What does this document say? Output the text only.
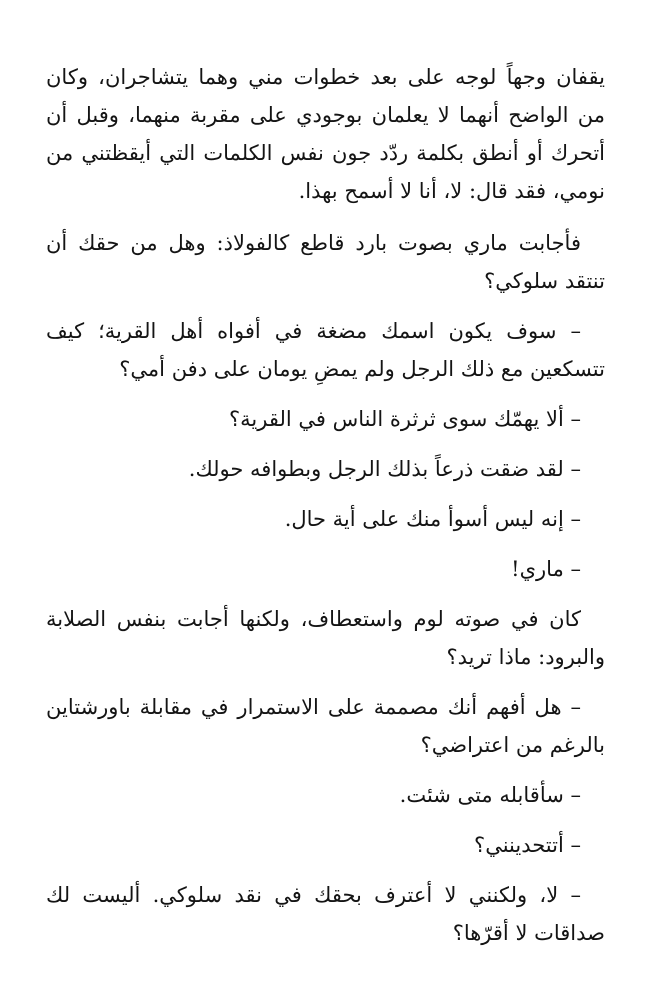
يقفان وجهاً لوجه على بعد خطوات مني وهما يتشاجران، وكان من الواضح أنهما لا يعلمان بوجودي على مقربة منهما، وقبل أن أتحرك أو أنطق بكلمة ردّد جون نفس الكلمات التي أيقظتني من نومي، فقد قال: لا، أنا لا أسمح بهذا.

فأجابت ماري بصوت بارد قاطع كالفولاذ: وهل من حقك أن تنتقد سلوكي؟

– سوف يكون اسمك مضغة في أفواه أهل القرية؛ كيف تتسكعين مع ذلك الرجل ولم يمضِ يومان على دفن أمي؟

– ألا يهمّك سوى ثرثرة الناس في القرية؟

– لقد ضقت ذرعاً بذلك الرجل وبطوافه حولك.

– إنه ليس أسوأ منك على أية حال.

– ماري!

كان في صوته لوم واستعطاف، ولكنها أجابت بنفس الصلابة والبرود: ماذا تريد؟

– هل أفهم أنك مصممة على الاستمرار في مقابلة باورشتاين بالرغم من اعتراضي؟

– سأقابله متى شئت.

– أتتحدينني؟

– لا، ولكنني لا أعترف بحقك في نقد سلوكي. أليست لك صداقات لا أقرّها؟
